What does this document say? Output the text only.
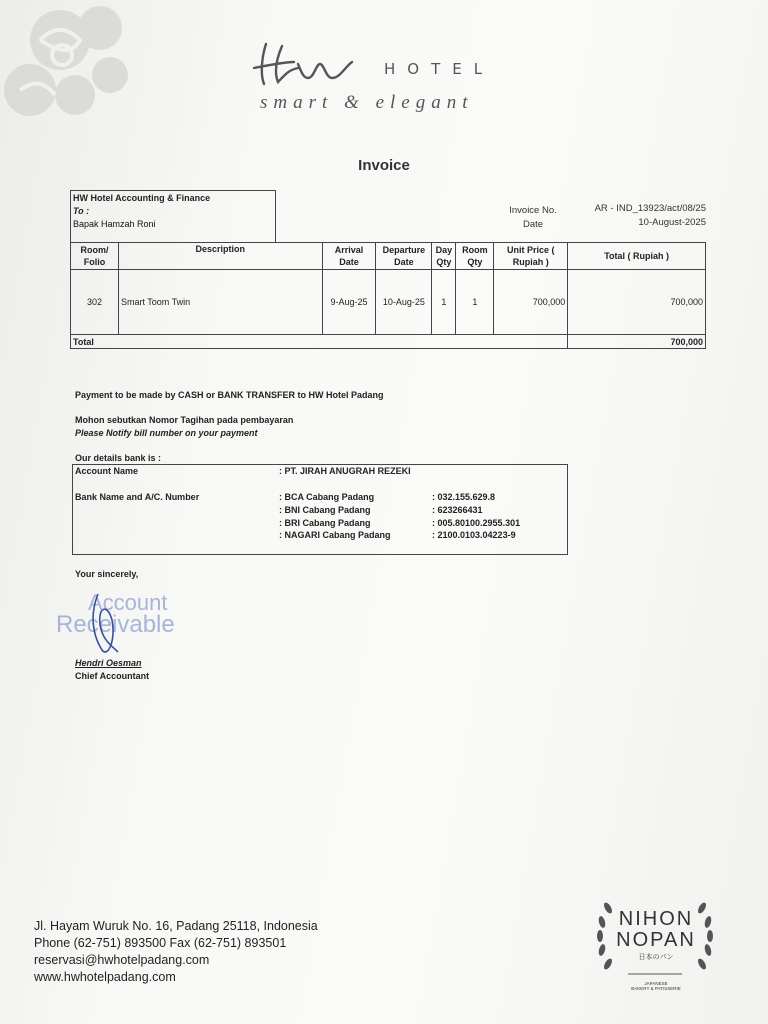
HOTEL
smart & elegant
Invoice
HW Hotel Accounting & Finance
To :
Bapak Hamzah Roni
Invoice No.
Date
AR - IND_13923/act/08/25
10-August-2025
Room/ Folio	Description	Arrival Date	Departure Date	Day Qty	Room Qty	Unit Price ( Rupiah )	Total ( Rupiah )
302	Smart Toom Twin	9-Aug-25	10-Aug-25	1	1	700,000	700,000
Total							700,000
Payment to be made by CASH or BANK TRANSFER to HW Hotel Padang
Mohon sebutkan Nomor Tagihan pada pembayaran
Please Notify bill number on your payment
Our details bank is :
Account Name	: PT. JIRAH ANUGRAH REZEKI
Bank Name and A/C. Number	: BCA Cabang Padang	: 032.155.629.8
: BNI Cabang Padang	: 623266431
: BRI Cabang Padang	: 005.80100.2955.301
: NAGARI Cabang Padang	: 2100.0103.04223-9
Your sincerely,
Account
Receivable
Hendri Oesman
Chief Accountant
Jl. Hayam Wuruk No. 16, Padang 25118, Indonesia
Phone (62-751) 893500 Fax (62-751) 893501
reservasi@hwhotelpadang.com
www.hwhotelpadang.com
NIHON
NOPAN
日本のパン
JAPANESE
BAKERY & PATISSERIE
